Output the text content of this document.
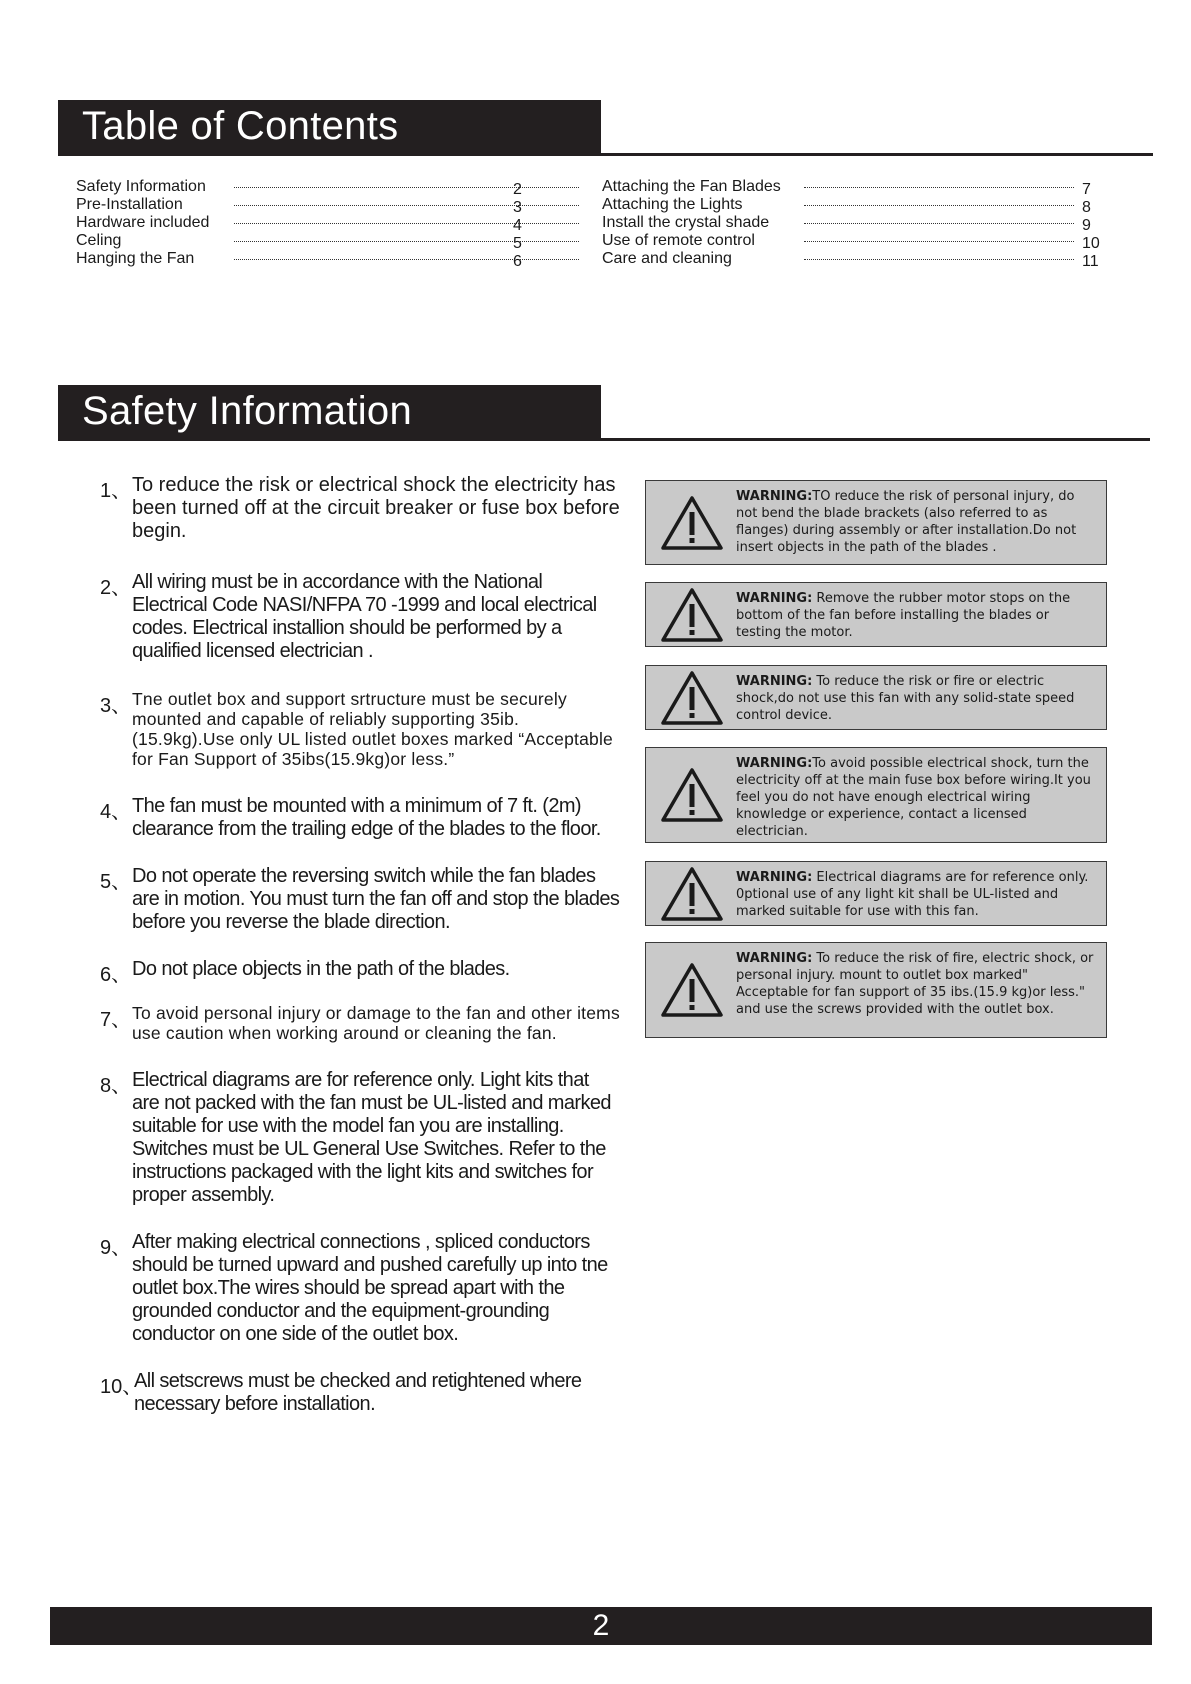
Table of Contents
Safety Information	2
Pre-Installation	3
Hardware included	4
Celing	5
Hanging the Fan	6
Attaching the Fan Blades	7
Attaching the Lights	8
Install the crystal shade	9
Use of remote control	10
Care and cleaning	11
Safety Information
1、 To reduce the risk or electrical shock the electricity has been turned off at the circuit breaker or fuse box before begin.
2、 All wiring must be in accordance with the National Electrical Code NASI/NFPA 70 -1999 and local electrical codes. Electrical installion should be performed by a qualified licensed electrician .
3、 Tne outlet box and support srtructure must be securely mounted and capable of reliably supporting 35ib.(15.9kg).Use only UL listed outlet boxes marked “Acceptable for Fan Support of 35ibs(15.9kg)or less.”
4、 The fan must be mounted with a minimum of 7 ft. (2m) clearance from the trailing edge of the blades to the floor.
5、 Do not operate the reversing switch while the fan blades are in motion. You must turn the fan off and stop the blades before you reverse the blade direction.
6、 Do not place objects in the path of the blades.
7、 To avoid personal injury or damage to the fan and other items use caution when working around or cleaning the fan.
8、 Electrical diagrams are for reference only. Light kits that are not packed with the fan must be UL-listed and marked suitable for use with the model fan you are installing. Switches must be UL General Use Switches. Refer to the instructions packaged with the light kits and switches for proper assembly.
9、 After making electrical connections , spliced conductors should be turned upward and pushed carefully up into tne outlet box.The wires should be spread apart with the grounded conductor and the equipment-grounding conductor on one side of the outlet box.
10、
All setscrews must be checked and retightened where necessary before installation.
WARNING:TO reduce the risk of personal injury, do not bend the blade brackets (also referred to as flanges) during assembly or after installation.Do not insert objects in the path of the blades .
WARNING: Remove the rubber motor stops on the bottom of the fan before installing the blades or testing the motor.
WARNING: To reduce the risk or fire or electric shock,do not use this fan with any solid-state speed control device.
WARNING:To avoid possible electrical shock, turn the electricity off at the main fuse box before wiring.It you feel you do not have enough electrical wiring knowledge or experience, contact a licensed electrician.
WARNING: Electrical diagrams are for reference only. 0ptional use of any light kit shall be UL-listed and marked suitable for use with this fan.
WARNING: To reduce the risk of fire, electric shock, or personal injury. mount to outlet box marked" Acceptable for fan support of 35 ibs.(15.9 kg)or less." and use the screws provided with the outlet box.
2
